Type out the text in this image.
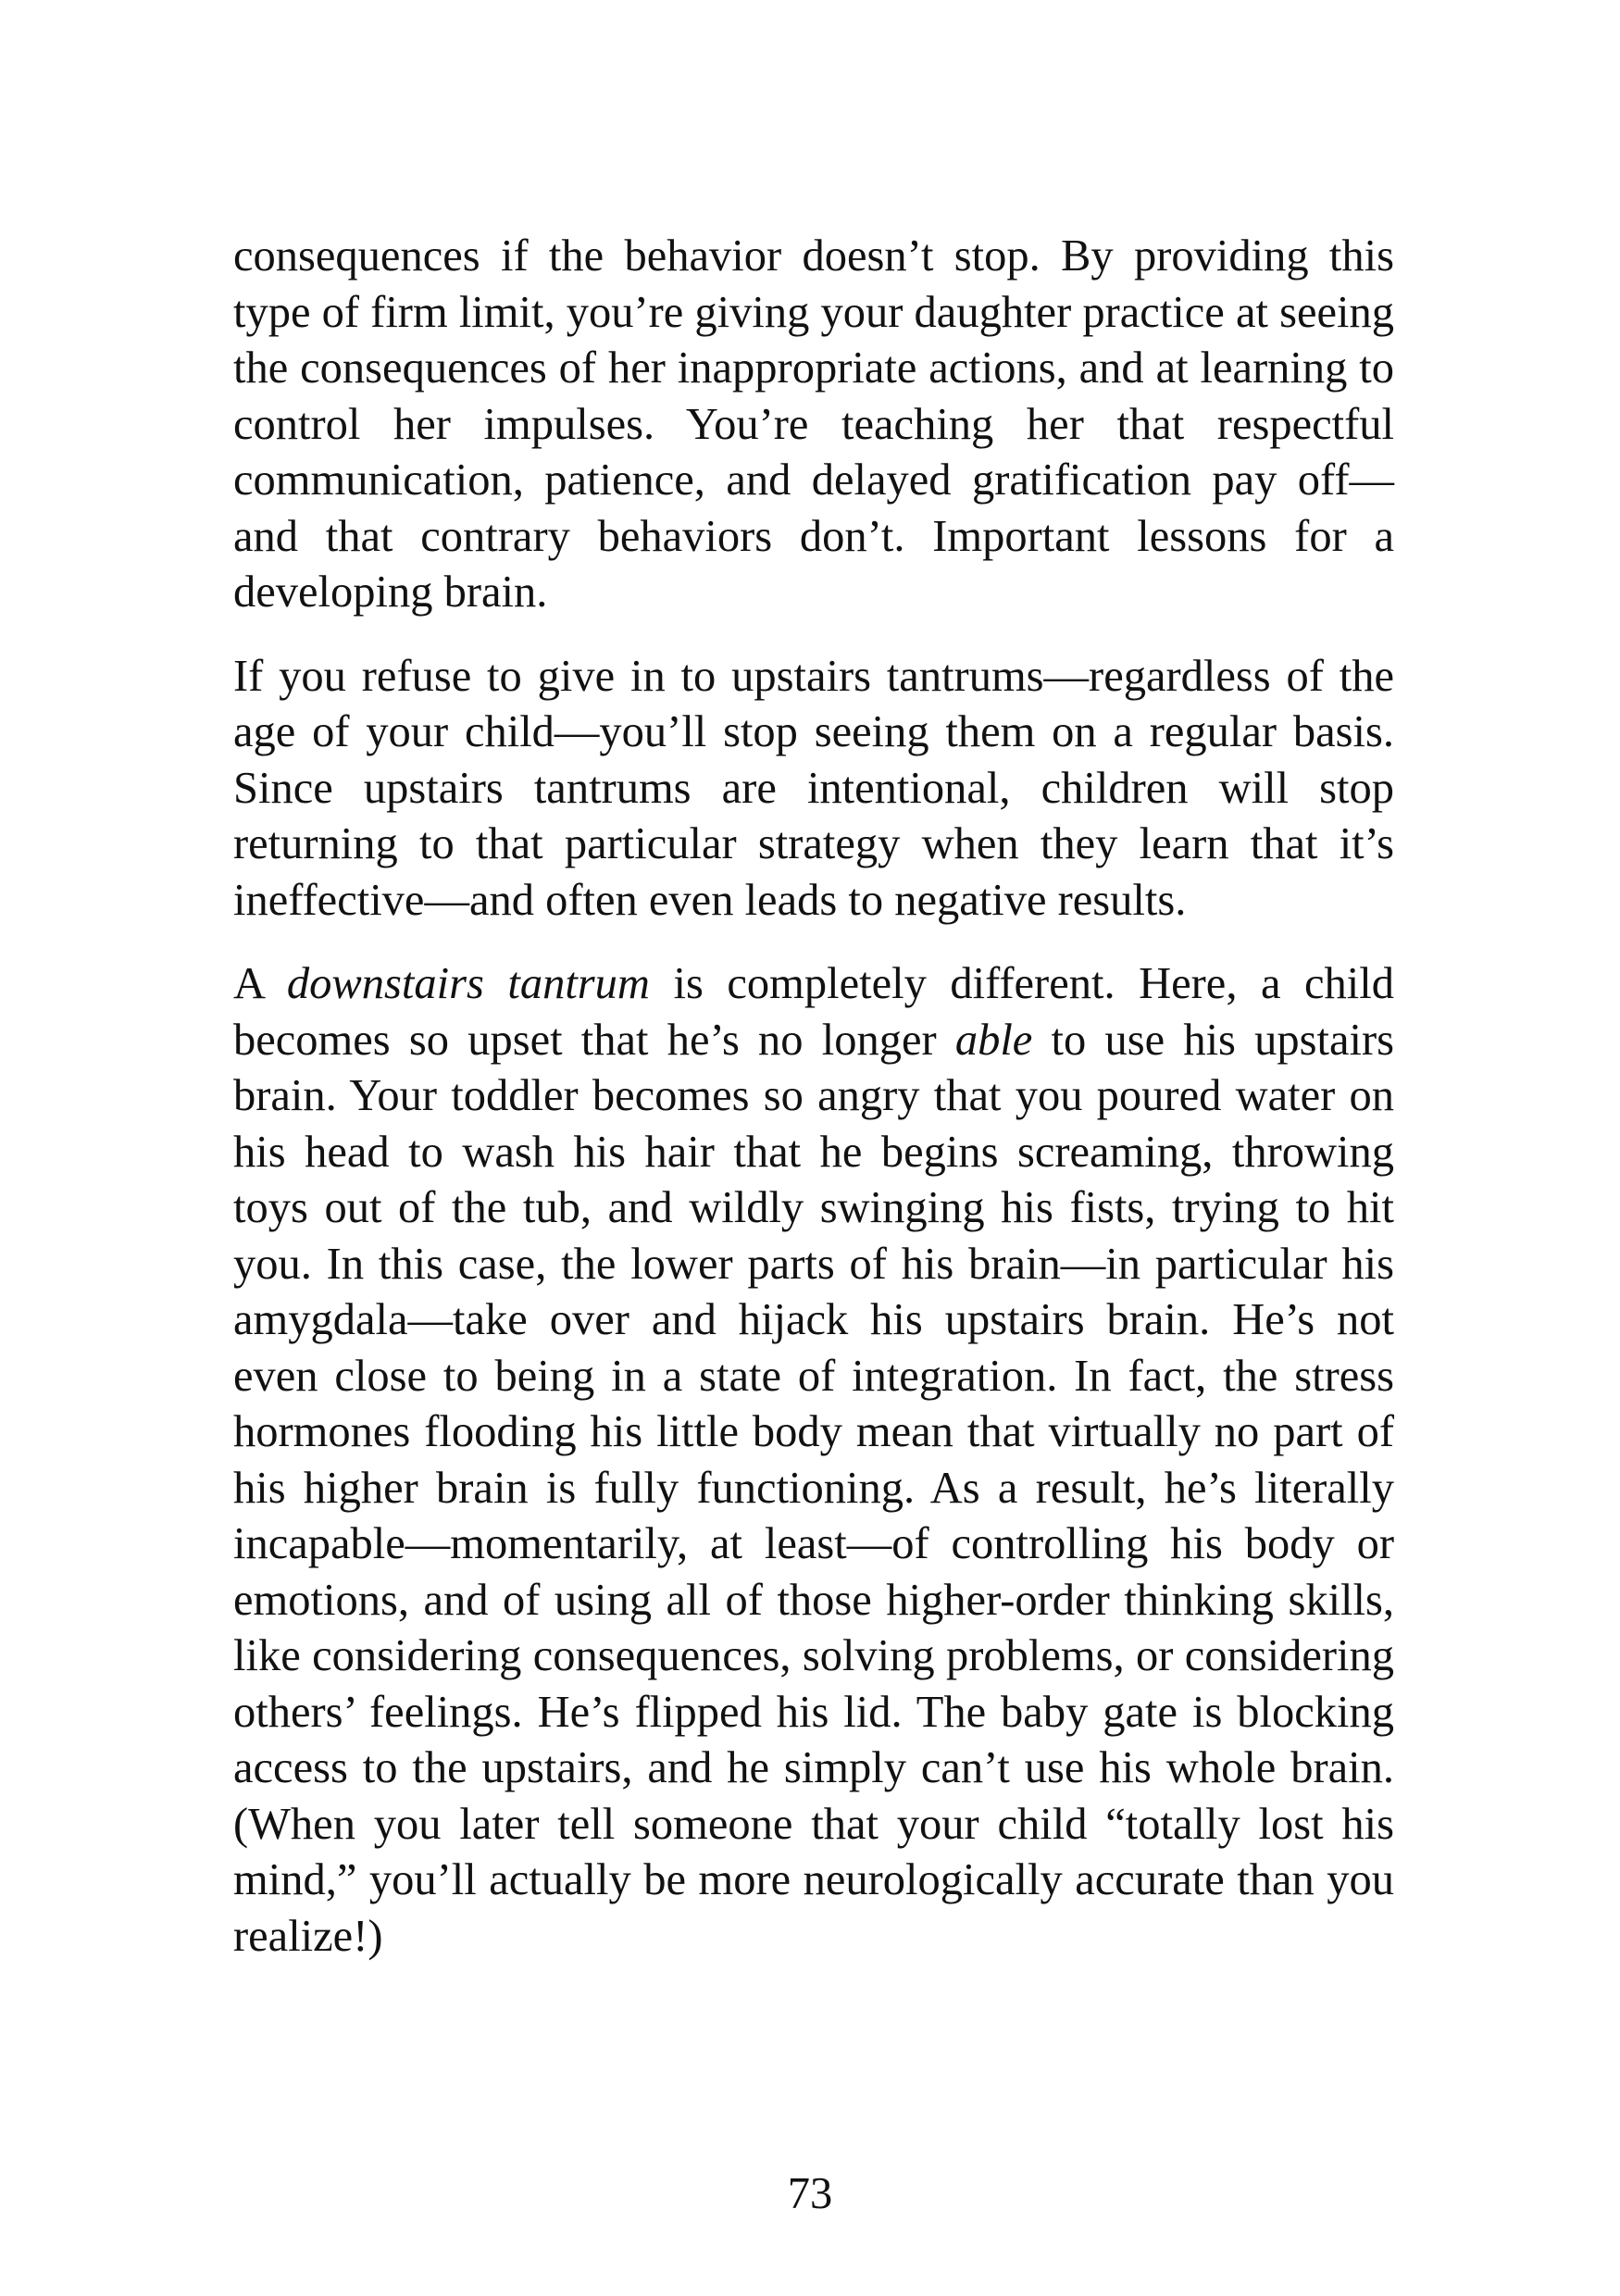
consequences if the behavior doesn’t stop. By providing this type of firm limit, you’re giving your daughter practice at seeing the consequences of her inappropriate actions, and at learning to control her impulses. You’re teaching her that respectful communication, patience, and delayed gratification pay off—and that contrary behaviors don’t. Important lessons for a developing brain.

If you refuse to give in to upstairs tantrums—regardless of the age of your child—you’ll stop seeing them on a regular basis. Since upstairs tantrums are intentional, children will stop returning to that particular strategy when they learn that it’s ineffective—and often even leads to negative results.

A downstairs tantrum is completely different. Here, a child becomes so upset that he’s no longer able to use his upstairs brain. Your toddler becomes so angry that you poured water on his head to wash his hair that he begins screaming, throwing toys out of the tub, and wildly swinging his fists, trying to hit you. In this case, the lower parts of his brain—in particular his amygdala—take over and hijack his upstairs brain. He’s not even close to being in a state of integration. In fact, the stress hormones flooding his little body mean that virtually no part of his higher brain is fully functioning. As a result, he’s literally incapable—momentarily, at least—of controlling his body or emotions, and of using all of those higher-order thinking skills, like considering consequences, solving problems, or considering others’ feelings. He’s flipped his lid. The baby gate is blocking access to the upstairs, and he simply can’t use his whole brain. (When you later tell someone that your child “totally lost his mind,” you’ll actually be more neurologically accurate than you realize!)

73
